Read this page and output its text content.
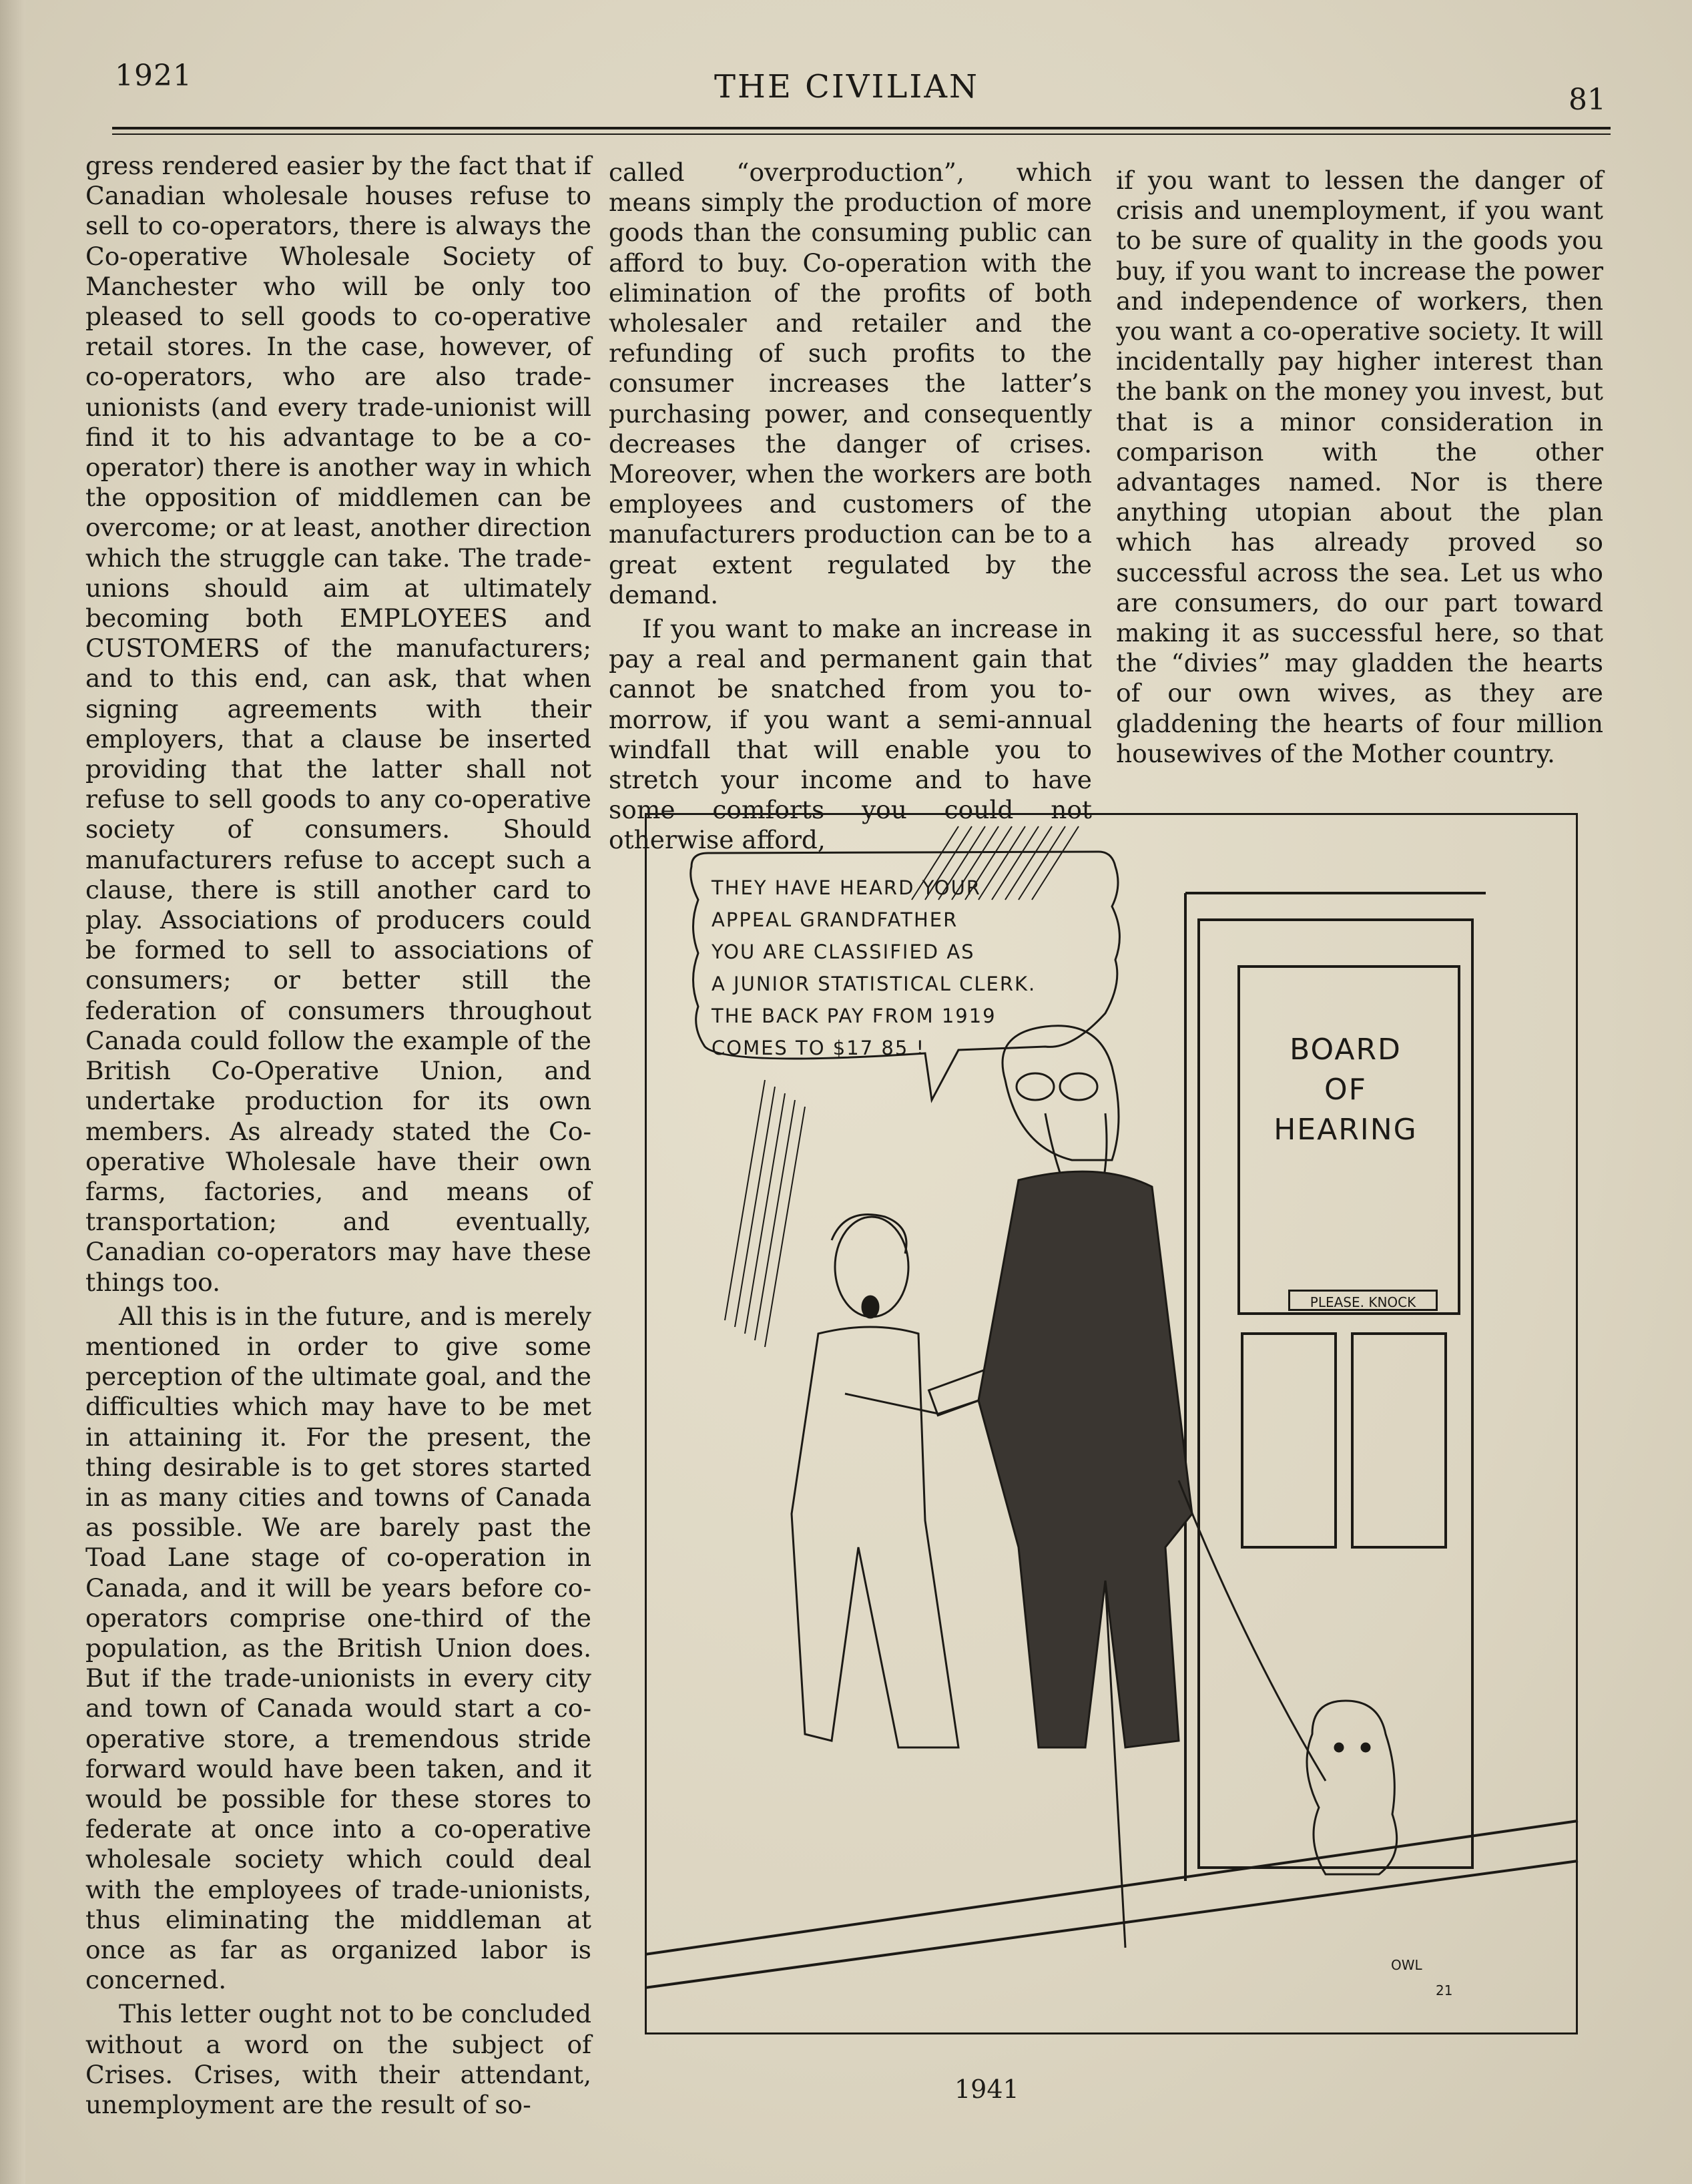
1921	THE CIVILIAN	81

gress rendered easier by the fact that if Canadian wholesale houses refuse to sell to co-operators, there is always the Co-operative Wholesale Society of Manchester who will be only too pleased to sell goods to co-operative retail stores. In the case, however, of co-operators, who are also trade-unionists (and every trade-unionist will find it to his advantage to be a co-operator) there is another way in which the opposition of middlemen can be overcome; or at least, another direction which the struggle can take. The trade-unions should aim at ultimately becoming both EMPLOYEES and CUSTOMERS of the manufacturers; and to this end, can ask, that when signing agreements with their employers, that a clause be inserted providing that the latter shall not refuse to sell goods to any co-operative society of consumers. Should manufacturers refuse to accept such a clause, there is still another card to play. Associations of producers could be formed to sell to associations of consumers; or better still the federation of consumers throughout Canada could follow the example of the British Co-Operative Union, and undertake production for its own members. As already stated the Co-operative Wholesale have their own farms, factories, and means of transportation; and eventually, Canadian co-operators may have these things too.

All this is in the future, and is merely mentioned in order to give some perception of the ultimate goal, and the difficulties which may have to be met in attaining it. For the present, the thing desirable is to get stores started in as many cities and towns of Canada as possible. We are barely past the Toad Lane stage of co-operation in Canada, and it will be years before co-operators comprise one-third of the population, as the British Union does. But if the trade-unionists in every city and town of Canada would start a co-operative store, a tremendous stride forward would have been taken, and it would be possible for these stores to federate at once into a co-operative wholesale society which could deal with the employees of trade-unionists, thus eliminating the middleman at once as far as organized labor is concerned.

This letter ought not to be concluded without a word on the subject of Crises. Crises, with their attendant, unemployment are the result of so-

called “overproduction”, which means simply the production of more goods than the consuming public can afford to buy. Co-operation with the elimination of the profits of both wholesaler and retailer and the refunding of such profits to the consumer increases the latter’s purchasing power, and consequently decreases the danger of crises. Moreover, when the workers are both employees and customers of the manufacturers production can be to a great extent regulated by the demand.

If you want to make an increase in pay a real and permanent gain that cannot be snatched from you to-morrow, if you want a semi-annual windfall that will enable you to stretch your income and to have some comforts you could not otherwise afford,

if you want to lessen the danger of crisis and unemployment, if you want to be sure of quality in the goods you buy, if you want to increase the power and independence of workers, then you want a co-operative society. It will incidentally pay higher interest than the bank on the money you invest, but that is a minor consideration in comparison with the other advantages named. Nor is there anything utopian about the plan which has already proved so successful across the sea. Let us who are consumers, do our part toward making it as successful here, so that the “divies” may gladden the hearts of our own wives, as they are gladdening the hearts of four million housewives of the Mother country.

THEY HAVE HEARD YOUR
APPEAL GRANDFATHER
YOU ARE CLASSIFIED AS
A JUNIOR STATISTICAL CLERK.
THE BACK PAY FROM 1919
COMES TO $17 85 !	BOARD
OF
HEARING
PLEASE. KNOCK
OWL
21
1941
